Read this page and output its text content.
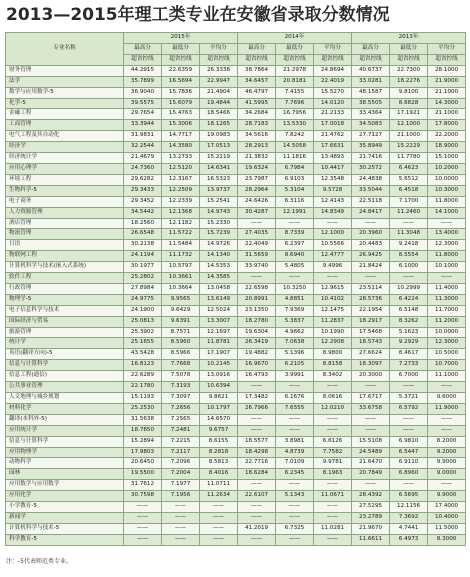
2013—2015年理工类专业在安徽省录取分数情况
专业名称	2015年			2014年			2013年		
	最高分	最低分	平均分	最高分	最低分	平均分	最高分	最低分	平均分
	超省控线	超省控线	超省控线	超省控线	超省控线	超省控线	超省控线	超省控线	超省控线
财务管理	44.2915	22.6359	26.3338	38.7864	21.2978	24.8694	40.6737	22.7300	28.1000
法学	35.7899	16.5694	22.9947	34.6457	20.8181	22.4019	33.0281	18.2276	21.9000
数学与应用数学-5	36.9040	15.7836	21.4904	46.4797	7.4155	15.5270	48.1587	9.8100	21.1000
化学-5	39.5575	15.6079	19.4844	41.5995	7.7696	14.0120	38.5505	8.6828	14.3000
金融工程	29.7654	15.4763	18.5466	34.2684	16.7956	21.2133	33.4364	17.1921	21.1000
工商管理	33.3944	15.3006	18.1265	28.7183	13.5330	17.0018	34.5083	12.1000	17.8000
电气工程及其自动化	31.9831	14.7717	19.0983	34.5616	7.8242	21.4762	27.7127	21.1000	22.2000
经济学	32.2544	14.3580	17.0513	28.2913	14.5058	17.6631	35.8949	15.2229	18.9000
经济统计学	21.4679	13.2733	15.2219	21.3832	11.1816	13.4893	21.7416	11.7780	15.1000
应用心理学	24.7360	12.5120	14.6341	19.6324	6.7984	10.4417	30.2572	6.4623	10.2000
环境工程	29.6282	12.3167	16.5323	23.7987	6.9103	12.3548	24.4838	5.6512	10.0000
生物科学-5	29.3433	12.2509	13.9737	28.2964	5.3104	9.5728	33.5044	6.4518	10.3000
电子商务	29.3452	12.2339	15.2541	24.6426	6.3116	12.4143	22.5118	7.1700	11.8000
人力资源管理	34.5442	12.1368	14.9743	30.4287	12.1991	14.8349	24.8417	11.2460	14.1000
酒店管理	18.2560	12.1182	15.2330	——	——	——	——	——	——
物流管理	26.6548	11.5722	15.7239	27.4035	8.7339	12.1000	20.3960	11.3048	13.4000
日语	30.2138	11.5484	14.9726	22.4049	6.2397	10.5566	20.4483	9.2418	12.3000
物联网工程	24.1194	11.1732	14.1340	31.5659	8.6940	12.4777	26.9425	8.5554	11.8000
计算机科学与技术(嵌入式系统)	30.1977	10.5797	14.5353	33.9740	5.4805	9.4996	21.8424	6.1000	10.1000
软件工程	25.2802	10.3661	14.3585	——	——	——	——	——	——
行政管理	27.8984	10.3664	13.0458	22.6598	10.3250	12.9615	23.5114	10.2999	11.4000
物理学-5	24.9775	9.9565	13.6149	20.8991	4.8851	10.4102	28.5736	6.4224	11.3000
电子信息科学与技术	24.1900	9.6429	12.5024	23.1350	7.9369	12.1475	22.1954	6.5148	11.7000
国际经济与贸易	25.0813	9.6391	13.3007	18.2780	5.3837	11.2837	18.2917	8.3262	11.2000
旅游管理	25.3902	8.7571	12.1697	19.6304	4.9662	10.1990	17.5468	5.1623	10.0000
统计学	25.1655	8.5960	11.8781	26.3419	7.0638	12.2908	18.5743	9.2929	12.3000
英语(翻译方向)-5	43.5428	8.5966	17.1907	19.4882	5.1396	8.9800	27.6624	8.4617	10.5000
信息与计算科学	16.8123	7.7668	10.2145	16.9670	6.2105	8.8158	18.3097	7.2733	10.7000
信息工程(通信)	22.6289	7.5078	13.0916	16.4793	3.9991	8.3402	20.3000	6.7000	11.1000
公共事业管理	22.1780	7.3193	10.6394	——	——	——	——	——	——
人文地理与城乡规划	15.1193	7.3097	9.8621	17.3482	6.1676	8.0616	17.6717	5.3721	9.6000
材料化学	25.2530	7.2656	10.1797	26.7966	7.6555	12.0210	33.6758	6.5792	11.9000
翻译(本科外-5)	31.5638	7.2565	14.6570	——	——	——	——	——	——
应用统计学	18.7850	7.2481	9.6757	——	——	——	——	——	——
信息与计算科学	15.2894	7.2215	8.6155	18.5577	3.8981	6.6126	15.5108	6.9810	8.2000
应用物理学	17.9803	7.2117	8.2818	18.4298	4.8739	7.7582	24.5489	6.5447	9.2000
动物科学	20.6450	7.2096	8.5813	22.7716	7.0109	9.9781	21.6470	6.9110	9.9000
园林	19.5500	7.2004	8.4016	18.6284	6.2345	8.1963	20.7849	6.8960	9.0000
应用数学与应用数学	31.7612	7.1977	11.0711	——	——	——	——	——	——
应用化学	30.7598	7.1956	11.2634	22.6107	5.1343	11.0671	28.4392	6.5695	9.9000
小学教育-5	——	——	——	——	——	——	27.5295	12.1156	17.4000
新闻学	——	——	——	——	——	——	23.2789	7.3692	10.4000
计算机科学与技术-5	——	——	——	41.2019	6.7325	11.0281	21.9670	4.7441	11.5000
科学教育-5	——	——	——	——	——	——	11.6611	6.4973	8.3000
注：-5代表师范类专业。
